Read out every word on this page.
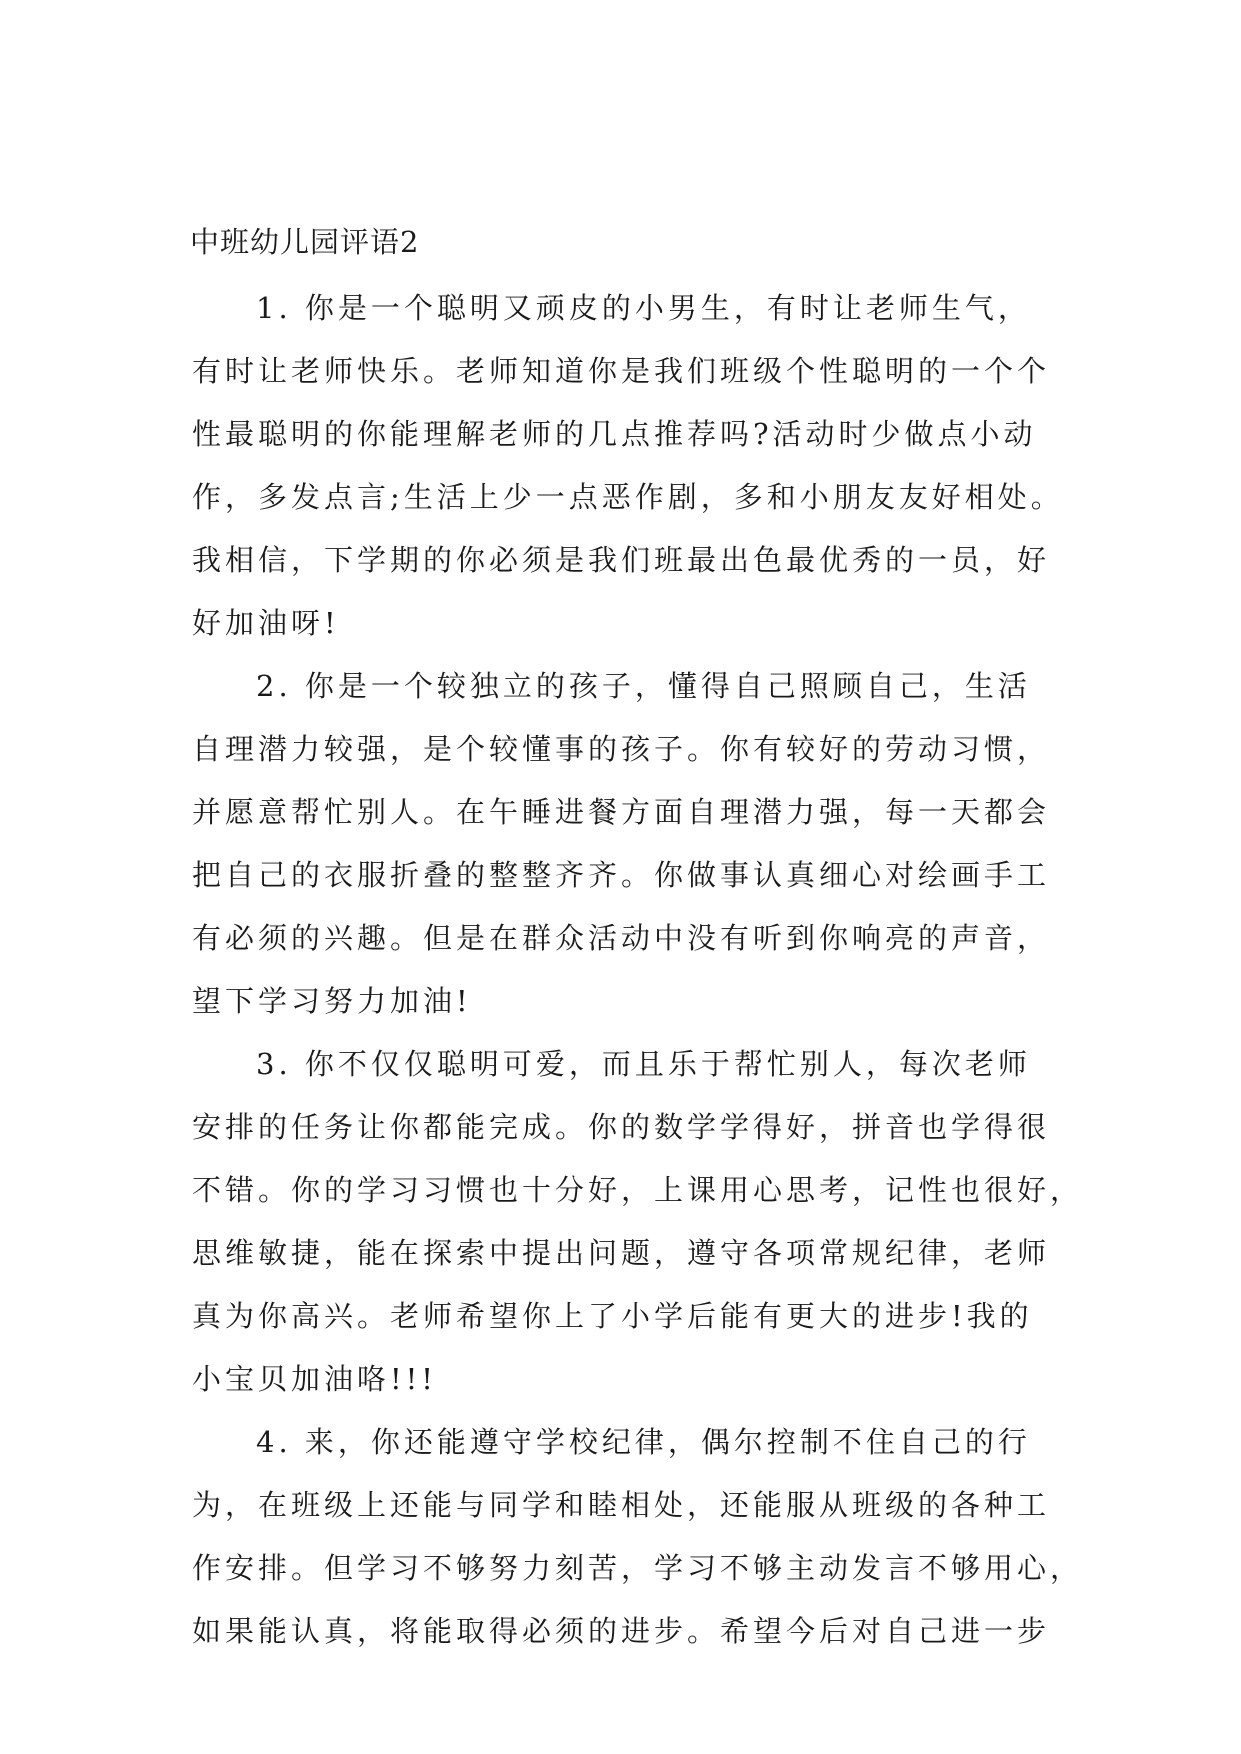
中班幼儿园评语2
1. 你是一个聪明又顽皮的小男生，有时让老师生气，
有时让老师快乐。老师知道你是我们班级个性聪明的一个个
性最聪明的你能理解老师的几点推荐吗?活动时少做点小动
作，多发点言;生活上少一点恶作剧，多和小朋友友好相处。
我相信，下学期的你必须是我们班最出色最优秀的一员，好
好加油呀!
2. 你是一个较独立的孩子，懂得自己照顾自己，生活
自理潜力较强，是个较懂事的孩子。你有较好的劳动习惯，
并愿意帮忙别人。在午睡进餐方面自理潜力强，每一天都会
把自己的衣服折叠的整整齐齐。你做事认真细心对绘画手工
有必须的兴趣。但是在群众活动中没有听到你响亮的声音，
望下学习努力加油!
3. 你不仅仅聪明可爱，而且乐于帮忙别人，每次老师
安排的任务让你都能完成。你的数学学得好，拼音也学得很
不错。你的学习习惯也十分好，上课用心思考，记性也很好，
思维敏捷，能在探索中提出问题，遵守各项常规纪律，老师
真为你高兴。老师希望你上了小学后能有更大的进步!我的
小宝贝加油咯!!!
4. 来，你还能遵守学校纪律，偶尔控制不住自己的行
为，在班级上还能与同学和睦相处，还能服从班级的各种工
作安排。但学习不够努力刻苦，学习不够主动发言不够用心，
如果能认真，将能取得必须的进步。希望今后对自己进一步
